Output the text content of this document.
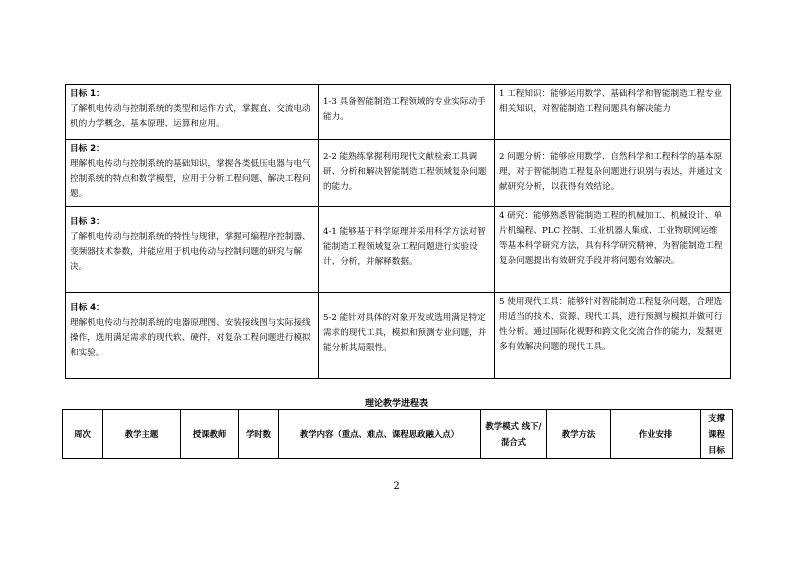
目标 1：
了解机电传动与控制系统的类型和运作方式，掌握直、交流电动机的力学概念、基本原理、运算和应用。	1-3 具备智能制造工程领域的专业实际动手能力。	1 工程知识：能够运用数学、基础科学和智能制造工程专业相关知识，对智能制造工程问题具有解决能力

目标 2：
理解机电传动与控制系统的基础知识，掌握各类低压电器与电气控制系统的特点和数学模型，应用于分析工程问题、解决工程问题。	2-2 能熟练掌握利用现代文献检索工具调研、分析和解决智能制造工程领域复杂问题的能力。	2 问题分析：能够应用数学、自然科学和工程科学的基本原理，对于智能制造工程复杂问题进行识别与表达，并通过文献研究分析，以获得有效结论。

目标 3：
了解机电传动与控制系统的特性与规律，掌握可编程序控制器、变频器技术参数，并能应用于机电传动与控制问题的研究与解决。	4-1 能够基于科学原理并采用科学方法对智能制造工程领域复杂工程问题进行实验设计、分析，并解释数据。	4 研究：能够熟悉智能制造工程的机械加工、机械设计、单片机编程、PLC 控制、工业机器人集成、工业物联网运维等基本科学研究方法，具有科学研究精神，为智能制造工程复杂问题提出有效研究手段并将问题有效解决。

目标 4：
理解机电传动与控制系统的电器原理图、安装接线图与实际接线操作，选用满足需求的现代软、硬件，对复杂工程问题进行模拟和实验。	5-2 能针对具体的对象开发或选用满足特定需求的现代工具，模拟和预测专业问题，并能分析其局限性。	5 使用现代工具：能够针对智能制造工程复杂问题，合理选用适当的技术、资源、现代工具，进行预测与模拟并做可行性分析。通过国际化视野和跨文化交流合作的能力，发掘更多有效解决问题的现代工具。
理论教学进程表
周次	教学主题	授课教师	学时数	教学内容（重点、难点、课程思政融入点）	教学模式 线下/混合式	教学方法	作业安排	支撑 课程 目标
2
